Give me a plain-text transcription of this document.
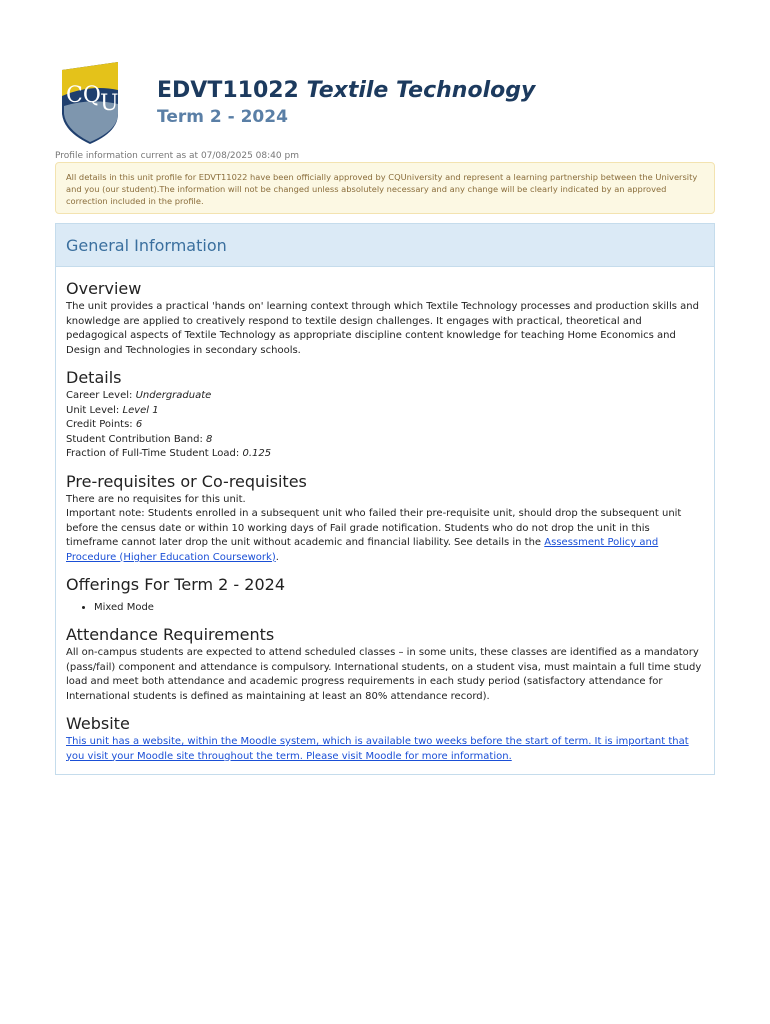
CQ U
EDVT11022 Textile Technology
Term 2 - 2024
Profile information current as at 07/08/2025 08:40 pm
All details in this unit profile for EDVT11022 have been officially approved by CQUniversity and represent a learning partnership between the University and you (our student).The information will not be changed unless absolutely necessary and any change will be clearly indicated by an approved correction included in the profile.
General Information
Overview

The unit provides a practical 'hands on' learning context through which Textile Technology processes and production skills and knowledge are applied to creatively respond to textile design challenges. It engages with practical, theoretical and pedagogical aspects of Textile Technology as appropriate discipline content knowledge for teaching Home Economics and Design and Technologies in secondary schools.

Details
Career Level: Undergraduate
Unit Level: Level 1
Credit Points: 6
Student Contribution Band: 8
Fraction of Full-Time Student Load: 0.125
Pre-requisites or Co-requisites

There are no requisites for this unit.

Important note: Students enrolled in a subsequent unit who failed their pre-requisite unit, should drop the subsequent unit before the census date or within 10 working days of Fail grade notification. Students who do not drop the unit in this timeframe cannot later drop the unit without academic and financial liability. See details in the Assessment Policy and Procedure (Higher Education Coursework).

Offerings For Term 2 - 2024
• Mixed Mode
Attendance Requirements

All on-campus students are expected to attend scheduled classes – in some units, these classes are identified as a mandatory (pass/fail) component and attendance is compulsory. International students, on a student visa, must maintain a full time study load and meet both attendance and academic progress requirements in each study period (satisfactory attendance for International students is defined as maintaining at least an 80% attendance record).

Website

This unit has a website, within the Moodle system, which is available two weeks before the start of term. It is important that you visit your Moodle site throughout the term. Please visit Moodle for more information.
